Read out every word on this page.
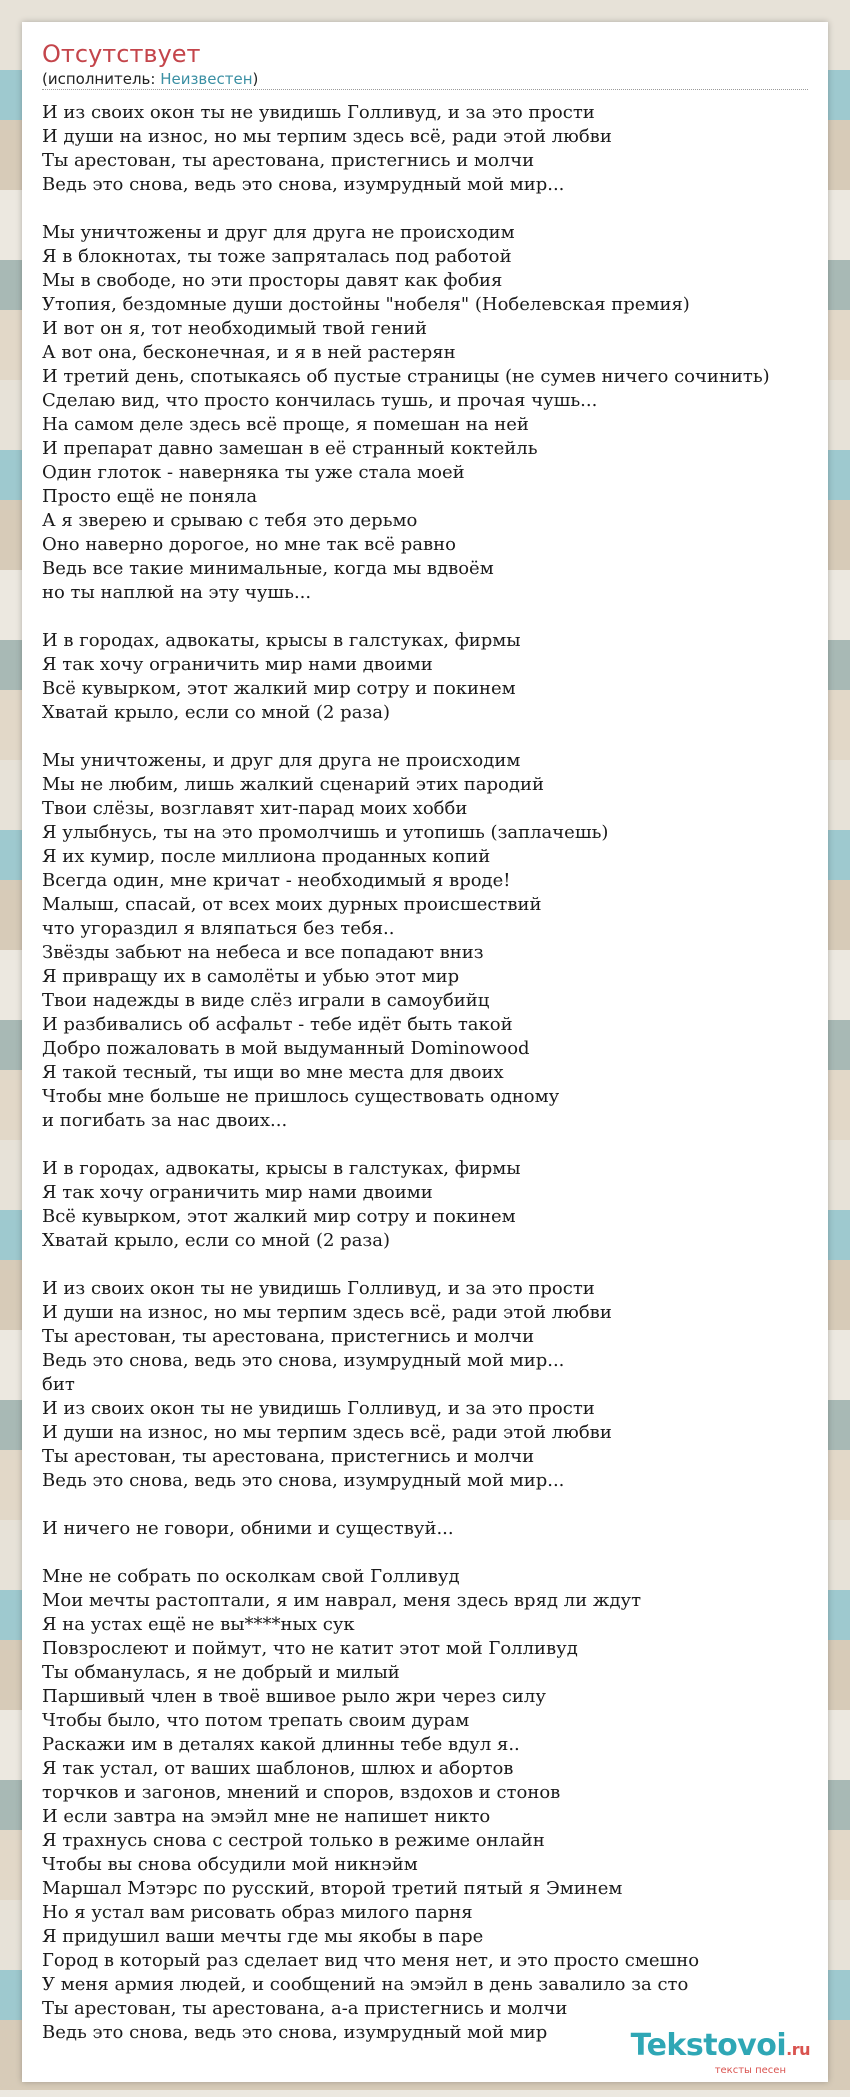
Отсутствует
(исполнитель: Неизвестен)
И из своих окон ты не увидишь Голливуд, и за это прости
И души на износ, но мы терпим здесь всё, ради этой любви
Ты арестован, ты арестована, пристегнись и молчи
Ведь это снова, ведь это снова, изумрудный мой мир...

Мы уничтожены и друг для друга не происходим
Я в блокнотах, ты тоже запряталась под работой
Мы в свободе, но эти просторы давят как фобия
Утопия, бездомные души достойны "нобеля" (Нобелевская премия)
И вот он я, тот необходимый твой гений
А вот она, бесконечная, и я в ней растерян
И третий день, спотыкаясь об пустые страницы (не сумев ничего сочинить)
Сделаю вид, что просто кончилась тушь, и прочая чушь...
На самом деле здесь всё проще, я помешан на ней
И препарат давно замешан в её странный коктейль
Один глоток - наверняка ты уже стала моей
Просто ещё не поняла
А я зверею и срываю с тебя это дерьмо
Оно наверно дорогое, но мне так всё равно
Ведь все такие минимальные, когда мы вдвоём
но ты наплюй на эту чушь...

И в городах, адвокаты, крысы в галстуках, фирмы
Я так хочу ограничить мир нами двоими
Всё кувырком, этот жалкий мир сотру и покинем
Хватай крыло, если со мной (2 раза)

Мы уничтожены, и друг для друга не происходим
Мы не любим, лишь жалкий сценарий этих пародий
Твои слёзы, возглавят хит-парад моих хобби
Я улыбнусь, ты на это промолчишь и утопишь (заплачешь)
Я их кумир, после миллиона проданных копий
Всегда один, мне кричат - необходимый я вроде!
Малыш, спасай, от всех моих дурных происшествий
что угораздил я вляпаться без тебя..
Звёзды забьют на небеса и все попадают вниз
Я привращу их в самолёты и убью этот мир
Твои надежды в виде слёз играли в самоубийц
И разбивались об асфальт - тебе идёт быть такой
Добро пожаловать в мой выдуманный Dominowood
Я такой тесный, ты ищи во мне места для двоих
Чтобы мне больше не пришлось существовать одному
и погибать за нас двоих...

И в городах, адвокаты, крысы в галстуках, фирмы
Я так хочу ограничить мир нами двоими
Всё кувырком, этот жалкий мир сотру и покинем
Хватай крыло, если со мной (2 раза)

И из своих окон ты не увидишь Голливуд, и за это прости
И души на износ, но мы терпим здесь всё, ради этой любви
Ты арестован, ты арестована, пристегнись и молчи
Ведь это снова, ведь это снова, изумрудный мой мир...
бит
И из своих окон ты не увидишь Голливуд, и за это прости
И души на износ, но мы терпим здесь всё, ради этой любви
Ты арестован, ты арестована, пристегнись и молчи
Ведь это снова, ведь это снова, изумрудный мой мир...

И ничего не говори, обними и существуй...

Мне не собрать по осколкам свой Голливуд
Мои мечты растоптали, я им наврал, меня здесь вряд ли ждут
Я на устах ещё не вы****ных сук
Повзрослеют и поймут, что не катит этот мой Голливуд
Ты обманулась, я не добрый и милый
Паршивый член в твоё вшивое рыло жри через силу
Чтобы было, что потом трепать своим дурам
Раскажи им в деталях какой длинны тебе вдул я..
Я так устал, от ваших шаблонов, шлюх и абортов
торчков и загонов, мнений и споров, вздохов и стонов
И если завтра на эмэйл мне не напишет никто
Я трахнусь снова с сестрой только в режиме онлайн
Чтобы вы снова обсудили мой никнэйм
Маршал Мэтэрс по русский, второй третий пятый я Эминем
Но я устал вам рисовать образ милого парня
Я придушил ваши мечты где мы якобы в паре
Город в который раз сделает вид что меня нет, и это просто смешно
У меня армия людей, и сообщений на эмэйл в день завалило за сто
Ты арестован, ты арестована, а-а пристегнись и молчи
Ведь это снова, ведь это снова, изумрудный мой мир	Tekstovoi.ru
тексты песен
